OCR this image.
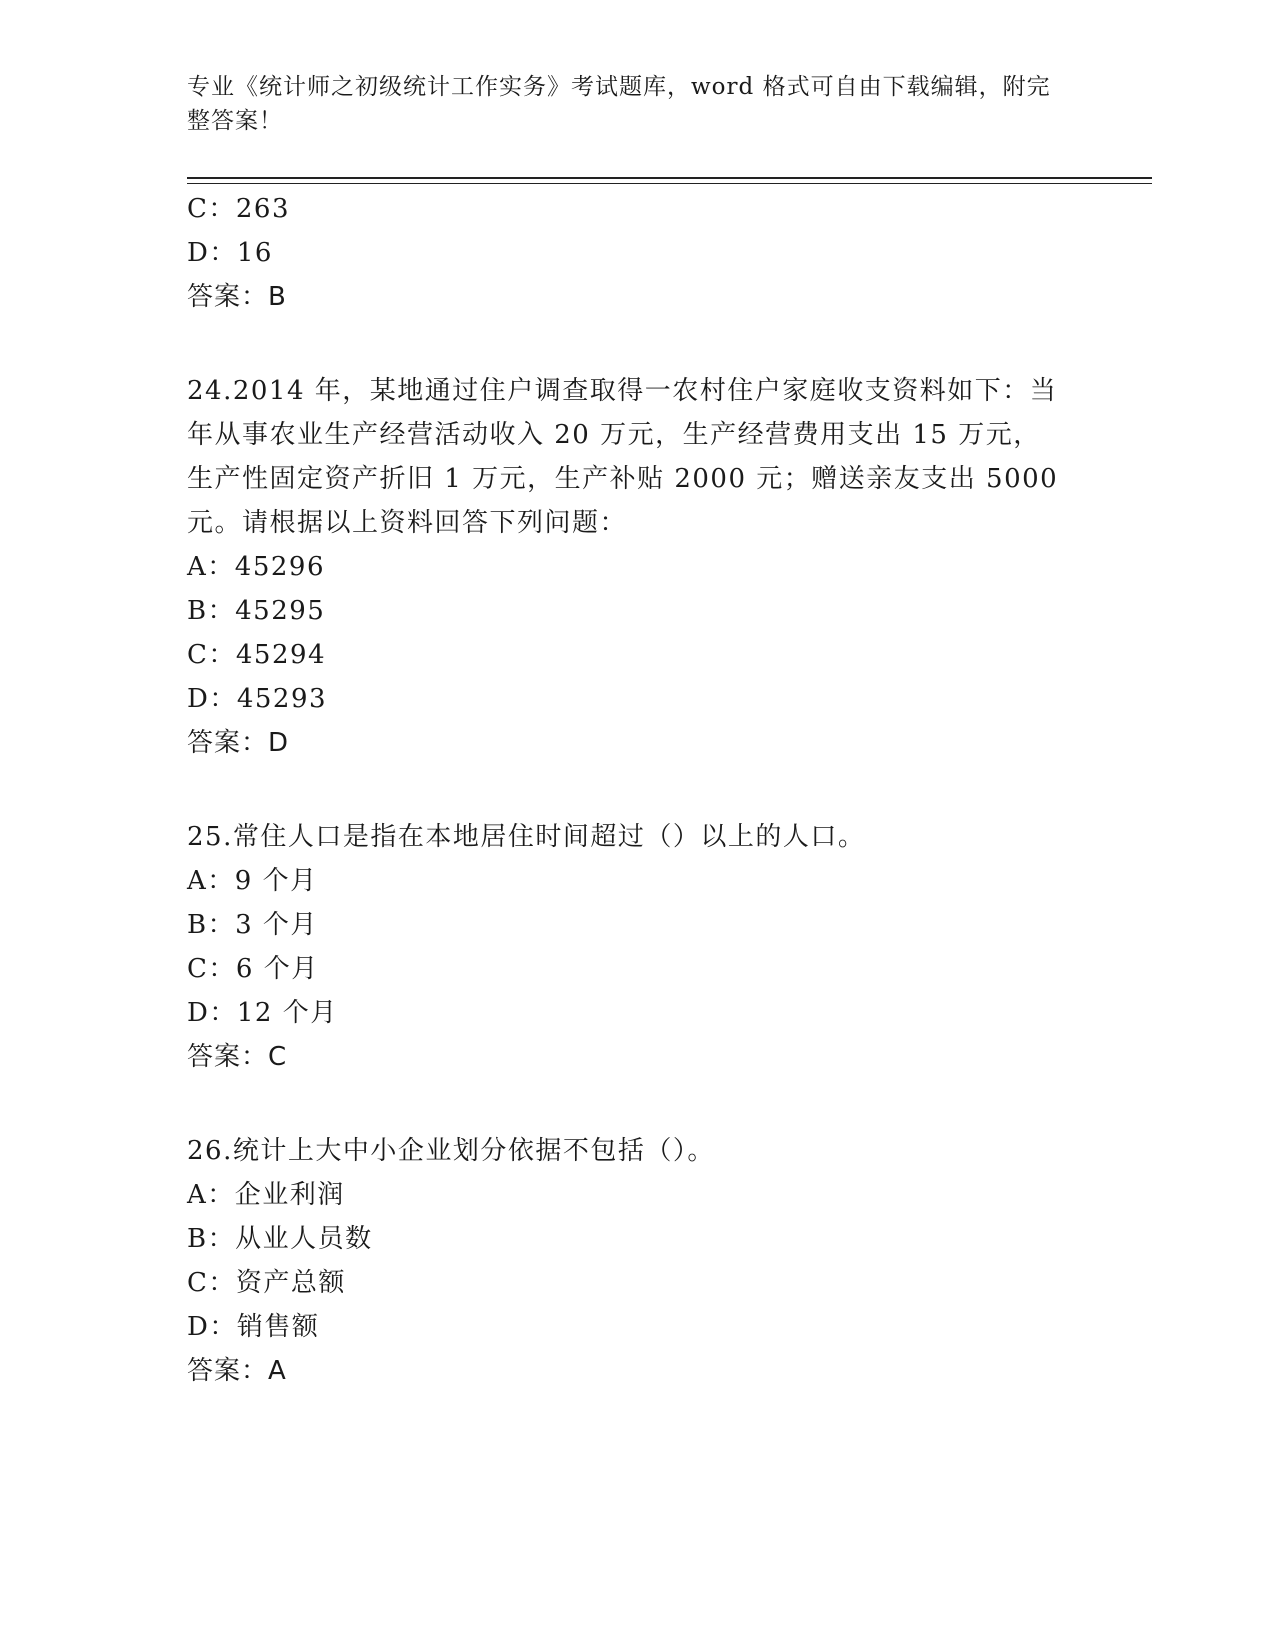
专业《统计师之初级统计工作实务》考试题库，word 格式可自由下载编辑，附完
整答案！
C：263
D：16
答案：B
24.2014 年，某地通过住户调查取得一农村住户家庭收支资料如下：当
年从事农业生产经营活动收入 20 万元，生产经营费用支出 15 万元，
生产性固定资产折旧 1 万元，生产补贴 2000 元；赠送亲友支出 5000
元。请根据以上资料回答下列问题：
A：45296
B：45295
C：45294
D：45293
答案：D
25.常住人口是指在本地居住时间超过（）以上的人口。
A：9 个月
B：3 个月
C：6 个月
D：12 个月
答案：C
26.统计上大中小企业划分依据不包括（）。
A：企业利润
B：从业人员数
C：资产总额
D：销售额
答案：A
